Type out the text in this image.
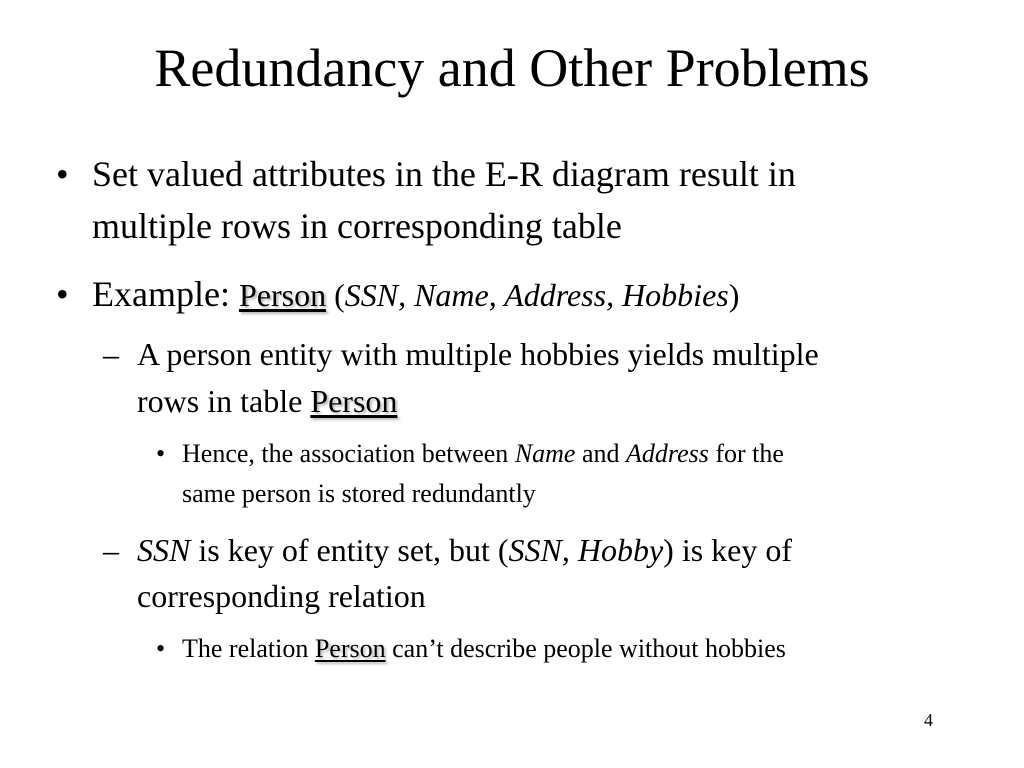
Redundancy and Other Problems
• Set valued attributes in the E-R diagram result in
multiple rows in corresponding table
• Example: Person (SSN, Name, Address, Hobbies)
– A person entity with multiple hobbies yields multiple
rows in table Person
• Hence, the association between Name and Address for the
same person is stored redundantly
– SSN is key of entity set, but (SSN, Hobby) is key of
corresponding relation
• The relation Person can’t describe people without hobbies
4
